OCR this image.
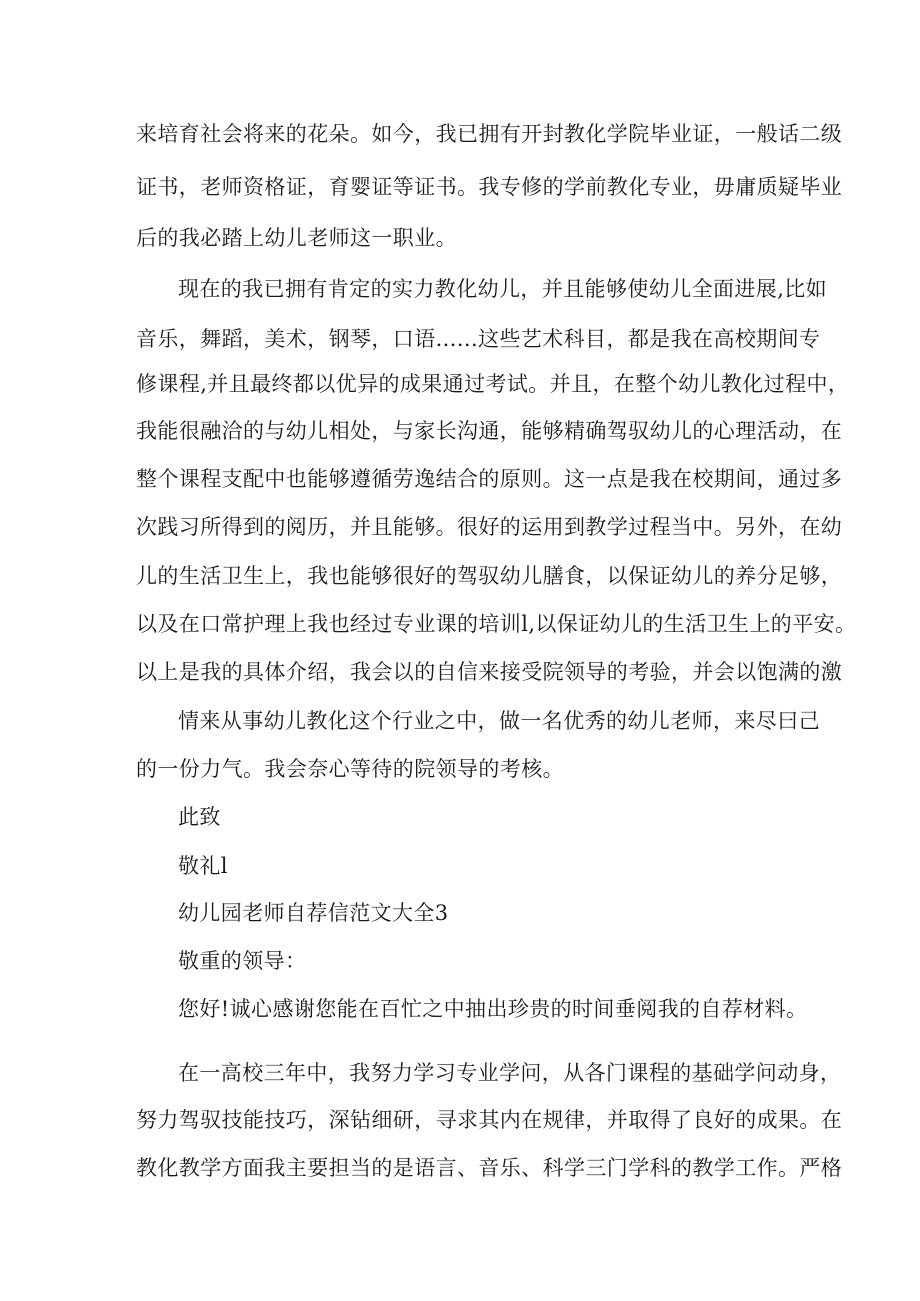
来培育社会将来的花朵。如今，我已拥有开封教化学院毕业证，一般话二级
证书，老师资格证，育婴证等证书。我专修的学前教化专业，毋庸质疑毕业
后的我必踏上幼儿老师这一职业。
现在的我已拥有肯定的实力教化幼儿，并且能够使幼儿全面进展,比如
音乐，舞蹈，美术，钢琴，口语......这些艺术科目，都是我在高校期间专
修课程,并且最终都以优异的成果通过考试。并且，在整个幼儿教化过程中，
我能很融洽的与幼儿相处，与家长沟通，能够精确驾驭幼儿的心理活动，在
整个课程支配中也能够遵循劳逸结合的原则。这一点是我在校期间，通过多
次践习所得到的阅历，并且能够。很好的运用到教学过程当中。另外，在幼
儿的生活卫生上，我也能够很好的驾驭幼儿膳食，以保证幼儿的养分足够，
以及在口常护理上我也经过专业课的培训l,以保证幼儿的生活卫生上的平安。
以上是我的具体介绍，我会以的自信来接受院领导的考验，并会以饱满的激
情来从事幼儿教化这个行业之中，做一名优秀的幼儿老师，来尽曰己
的一份力气。我会奈心等待的院领导的考核。
此致
敬礼l
幼儿园老师自荐信范文大全3
敬重的领导：
您好!诚心感谢您能在百忙之中抽出珍贵的时间垂阅我的自荐材料。
在一高校三年中，我努力学习专业学问，从各门课程的基础学问动身，
努力驾驭技能技巧，深钻细研，寻求其内在规律，并取得了良好的成果。在
教化教学方面我主要担当的是语言、音乐、科学三门学科的教学工作。严格
